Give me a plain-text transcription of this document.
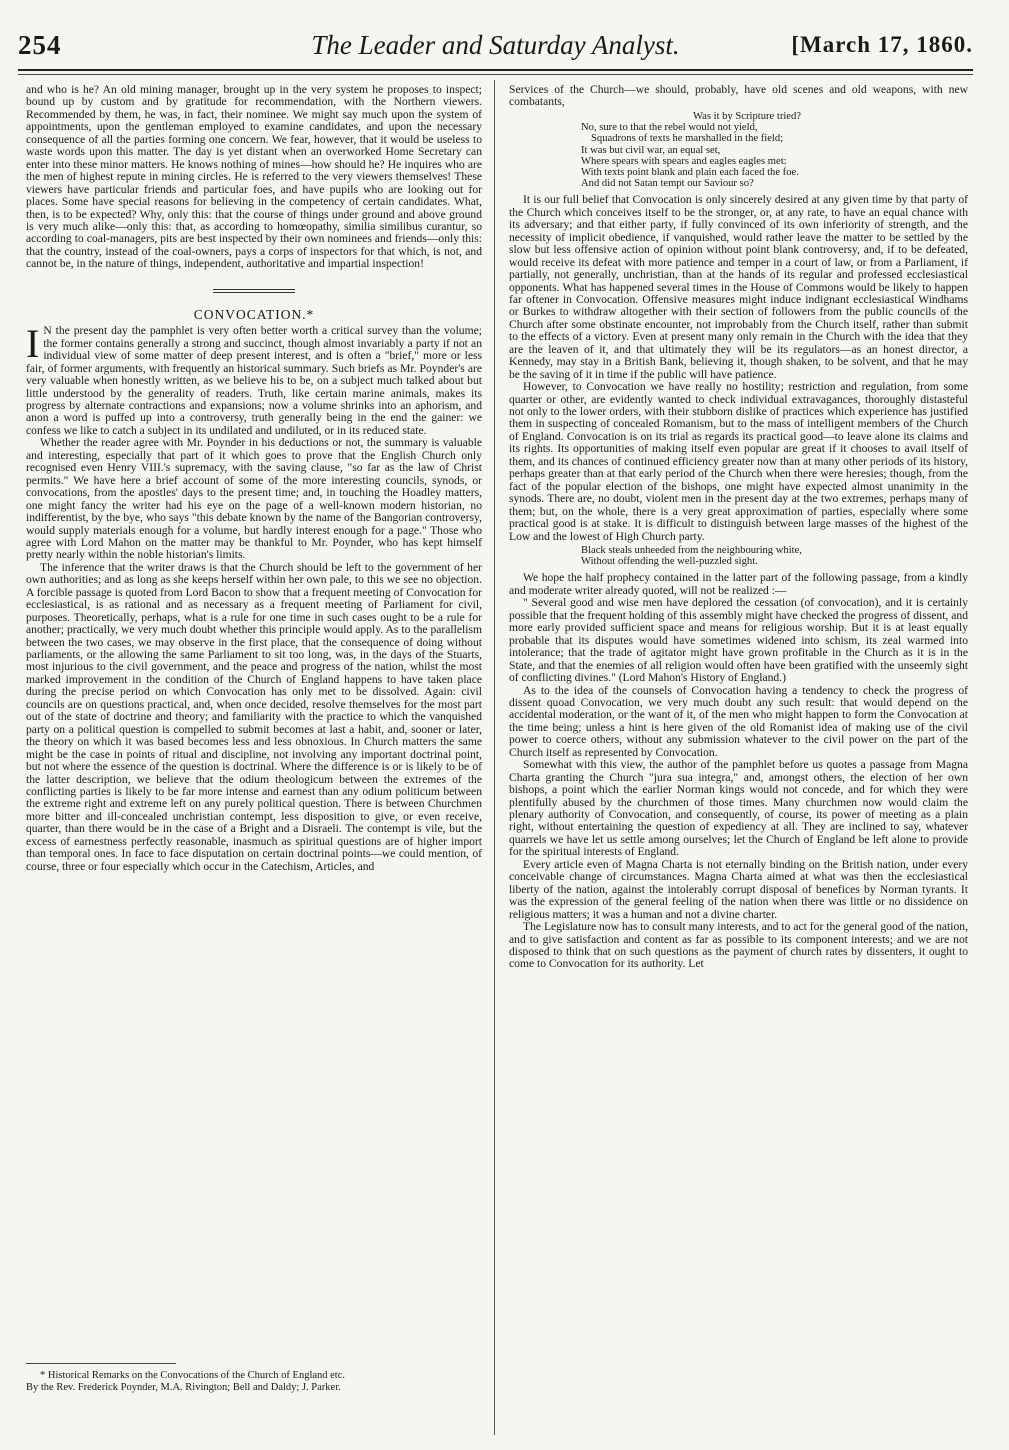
254	The Leader and Saturday Analyst.	[March 17, 1860.

and who is he? An old mining manager, brought up in the very system he proposes to inspect; bound up by custom and by gratitude for recommendation, with the Northern viewers. Recommended by them, he was, in fact, their nominee. We might say much upon the system of appointments, upon the gentleman employed to examine candidates, and upon the necessary consequence of all the parties forming one concern. We fear, however, that it would be useless to waste words upon this matter. The day is yet distant when an overworked Home Secretary can enter into these minor matters. He knows nothing of mines—how should he? He inquires who are the men of highest repute in mining circles. He is referred to the very viewers themselves! These viewers have particular friends and particular foes, and have pupils who are looking out for places. Some have special reasons for believing in the competency of certain candidates. What, then, is to be expected? Why, only this: that the course of things under ground and above ground is very much alike—only this: that, as according to homœopathy, similia similibus curantur, so according to coal-managers, pits are best inspected by their own nominees and friends—only this: that the country, instead of the coal-owners, pays a corps of inspectors for that which, is not, and cannot be, in the nature of things, independent, authoritative and impartial inspection!

CONVOCATION.*

I N the present day the pamphlet is very often better worth a critical survey than the volume; the former contains generally a strong and succinct, though almost invariably a party if not an individual view of some matter of deep present interest, and is often a "brief," more or less fair, of former arguments, with frequently an historical summary. Such briefs as Mr. Poynder's are very valuable when honestly written, as we believe his to be, on a subject much talked about but little understood by the generality of readers. Truth, like certain marine animals, makes its progress by alternate contractions and expansions; now a volume shrinks into an aphorism, and anon a word is puffed up into a controversy, truth generally being in the end the gainer: we confess we like to catch a subject in its undilated and undiluted, or in its reduced state.

Whether the reader agree with Mr. Poynder in his deductions or not, the summary is valuable and interesting, especially that part of it which goes to prove that the English Church only recognised even Henry VIII.'s supremacy, with the saving clause, "so far as the law of Christ permits." We have here a brief account of some of the more interesting councils, synods, or convocations, from the apostles' days to the present time; and, in touching the Hoadley matters, one might fancy the writer had his eye on the page of a well-known modern historian, no indifferentist, by the bye, who says "this debate known by the name of the Bangorian controversy, would supply materials enough for a volume, but hardly interest enough for a page." Those who agree with Lord Mahon on the matter may be thankful to Mr. Poynder, who has kept himself pretty nearly within the noble historian's limits.

The inference that the writer draws is that the Church should be left to the government of her own authorities; and as long as she keeps herself within her own pale, to this we see no objection. A forcible passage is quoted from Lord Bacon to show that a frequent meeting of Convocation for ecclesiastical, is as rational and as necessary as a frequent meeting of Parliament for civil, purposes. Theoretically, perhaps, what is a rule for one time in such cases ought to be a rule for another; practically, we very much doubt whether this principle would apply. As to the parallelism between the two cases, we may observe in the first place, that the consequence of doing without parliaments, or the allowing the same Parliament to sit too long, was, in the days of the Stuarts, most injurious to the civil government, and the peace and progress of the nation, whilst the most marked improvement in the condition of the Church of England happens to have taken place during the precise period on which Convocation has only met to be dissolved. Again: civil councils are on questions practical, and, when once decided, resolve themselves for the most part out of the state of doctrine and theory; and familiarity with the practice to which the vanquished party on a political question is compelled to submit becomes at last a habit, and, sooner or later, the theory on which it was based becomes less and less obnoxious. In Church matters the same might be the case in points of ritual and discipline, not involving any important doctrinal point, but not where the essence of the question is doctrinal. Where the difference is or is likely to be of the latter description, we believe that the odium theologicum between the extremes of the conflicting parties is likely to be far more intense and earnest than any odium politicum between the extreme right and extreme left on any purely political question. There is between Churchmen more bitter and ill-concealed unchristian contempt, less disposition to give, or even receive, quarter, than there would be in the case of a Bright and a Disraeli. The contempt is vile, but the excess of earnestness perfectly reasonable, inasmuch as spiritual questions are of higher import than temporal ones. In face to face disputation on certain doctrinal points—we could mention, of course, three or four especially which occur in the Catechism, Articles, and

* Historical Remarks on the Convocations of the Church of England etc.

By the Rev. Frederick Poynder, M.A. Rivington; Bell and Daldy; J. Parker.

Services of the Church—we should, probably, have old scenes and old weapons, with new combatants,

Was it by Scripture tried?
No, sure to that the rebel would not yield,
Squadrons of texts he marshalled in the field;
It was but civil war, an equal set,
Where spears with spears and eagles eagles met:
With texts point blank and plain each faced the foe.
And did not Satan tempt our Saviour so?

It is our full belief that Convocation is only sincerely desired at any given time by that party of the Church which conceives itself to be the stronger, or, at any rate, to have an equal chance with its adversary; and that either party, if fully convinced of its own inferiority of strength, and the necessity of implicit obedience, if vanquished, would rather leave the matter to be settled by the slow but less offensive action of opinion without point blank controversy, and, if to be defeated, would receive its defeat with more patience and temper in a court of law, or from a Parliament, if partially, not generally, unchristian, than at the hands of its regular and professed ecclesiastical opponents. What has happened several times in the House of Commons would be likely to happen far oftener in Convocation. Offensive measures might induce indignant ecclesiastical Windhams or Burkes to withdraw altogether with their section of followers from the public councils of the Church after some obstinate encounter, not improbably from the Church itself, rather than submit to the effects of a victory. Even at present many only remain in the Church with the idea that they are the leaven of it, and that ultimately they will be its regulators—as an honest director, a Kennedy, may stay in a British Bank, believing it, though shaken, to be solvent, and that he may be the saving of it in time if the public will have patience.

However, to Convocation we have really no hostility; restriction and regulation, from some quarter or other, are evidently wanted to check individual extravagances, thoroughly distasteful not only to the lower orders, with their stubborn dislike of practices which experience has justified them in suspecting of concealed Romanism, but to the mass of intelligent members of the Church of England. Convocation is on its trial as regards its practical good—to leave alone its claims and its rights. Its opportunities of making itself even popular are great if it chooses to avail itself of them, and its chances of continued efficiency greater now than at many other periods of its history, perhaps greater than at that early period of the Church when there were heresies; though, from the fact of the popular election of the bishops, one might have expected almost unanimity in the synods. There are, no doubt, violent men in the present day at the two extremes, perhaps many of them; but, on the whole, there is a very great approximation of parties, especially where some practical good is at stake. It is difficult to distinguish between large masses of the highest of the Low and the lowest of High Church party.

Black steals unheeded from the neighbouring white,
Without offending the well-puzzled sight.

We hope the half prophecy contained in the latter part of the following passage, from a kindly and moderate writer already quoted, will not be realized :—

" Several good and wise men have deplored the cessation (of convocation), and it is certainly possible that the frequent holding of this assembly might have checked the progress of dissent, and more early provided sufficient space and means for religious worship. But it is at least equally probable that its disputes would have sometimes widened into schism, its zeal warmed into intolerance; that the trade of agitator might have grown profitable in the Church as it is in the State, and that the enemies of all religion would often have been gratified with the unseemly sight of conflicting divines." (Lord Mahon's History of England.)

As to the idea of the counsels of Convocation having a tendency to check the progress of dissent quoad Convocation, we very much doubt any such result: that would depend on the accidental moderation, or the want of it, of the men who might happen to form the Convocation at the time being; unless a hint is here given of the old Romanist idea of making use of the civil power to coerce others, without any submission whatever to the civil power on the part of the Church itself as represented by Convocation.

Somewhat with this view, the author of the pamphlet before us quotes a passage from Magna Charta granting the Church "jura sua integra," and, amongst others, the election of her own bishops, a point which the earlier Norman kings would not concede, and for which they were plentifully abused by the churchmen of those times. Many churchmen now would claim the plenary authority of Convocation, and consequently, of course, its power of meeting as a plain right, without entertaining the question of expediency at all. They are inclined to say, whatever quarrels we have let us settle among ourselves; let the Church of England be left alone to provide for the spiritual interests of England.

Every article even of Magna Charta is not eternally binding on the British nation, under every conceivable change of circumstances. Magna Charta aimed at what was then the ecclesiastical liberty of the nation, against the intolerably corrupt disposal of benefices by Norman tyrants. It was the expression of the general feeling of the nation when there was little or no dissidence on religious matters; it was a human and not a divine charter.

The Legislature now has to consult many interests, and to act for the general good of the nation, and to give satisfaction and content as far as possible to its component interests; and we are not disposed to think that on such questions as the payment of church rates by dissenters, it ought to come to Convocation for its authority. Let
